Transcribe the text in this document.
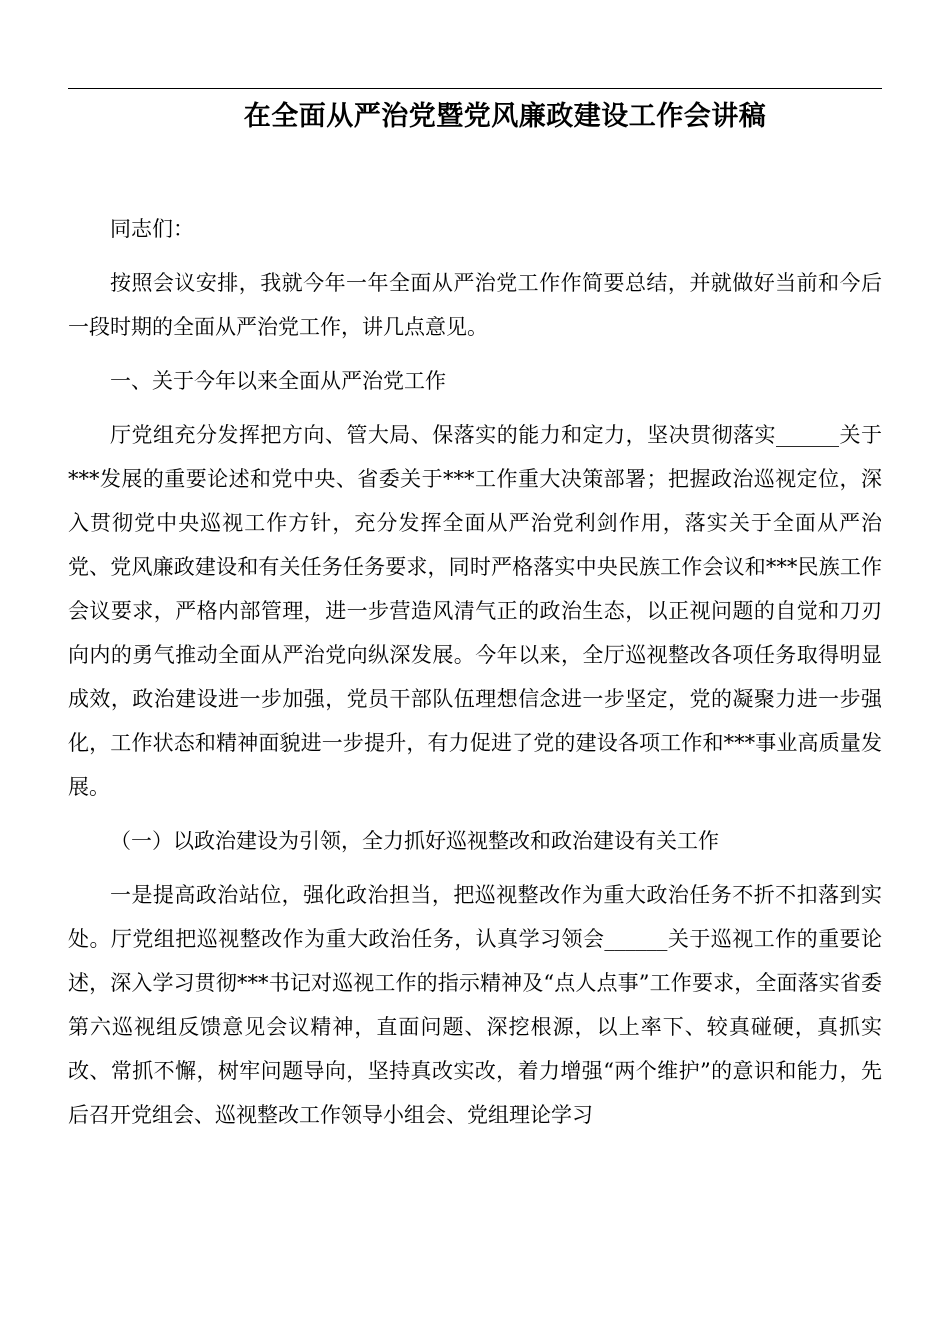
在全面从严治党暨党风廉政建设工作会讲稿

同志们：

按照会议安排，我就今年一年全面从严治党工作作简要总结，并就做好当前和今后一段时期的全面从严治党工作，讲几点意见。

一、关于今年以来全面从严治党工作

厅党组充分发挥把方向、管大局、保落实的能力和定力，坚决贯彻落实______关于***发展的重要论述和党中央、省委关于***工作重大决策部署；把握政治巡视定位，深入贯彻党中央巡视工作方针，充分发挥全面从严治党利剑作用，落实关于全面从严治党、党风廉政建设和有关任务任务要求，同时严格落实中央民族工作会议和***民族工作会议要求，严格内部管理，进一步营造风清气正的政治生态，以正视问题的自觉和刀刃向内的勇气推动全面从严治党向纵深发展。今年以来，全厅巡视整改各项任务取得明显成效，政治建设进一步加强，党员干部队伍理想信念进一步坚定，党的凝聚力进一步强化，工作状态和精神面貌进一步提升，有力促进了党的建设各项工作和***事业高质量发展。

（一）以政治建设为引领，全力抓好巡视整改和政治建设有关工作

一是提高政治站位，强化政治担当，把巡视整改作为重大政治任务不折不扣落到实处。厅党组把巡视整改作为重大政治任务，认真学习领会______关于巡视工作的重要论述，深入学习贯彻***书记对巡视工作的指示精神及“点人点事”工作要求，全面落实省委第六巡视组反馈意见会议精神，直面问题、深挖根源，以上率下、较真碰硬，真抓实改、常抓不懈，树牢问题导向，坚持真改实改，着力增强“两个维护”的意识和能力，先后召开党组会、巡视整改工作领导小组会、党组理论学习
